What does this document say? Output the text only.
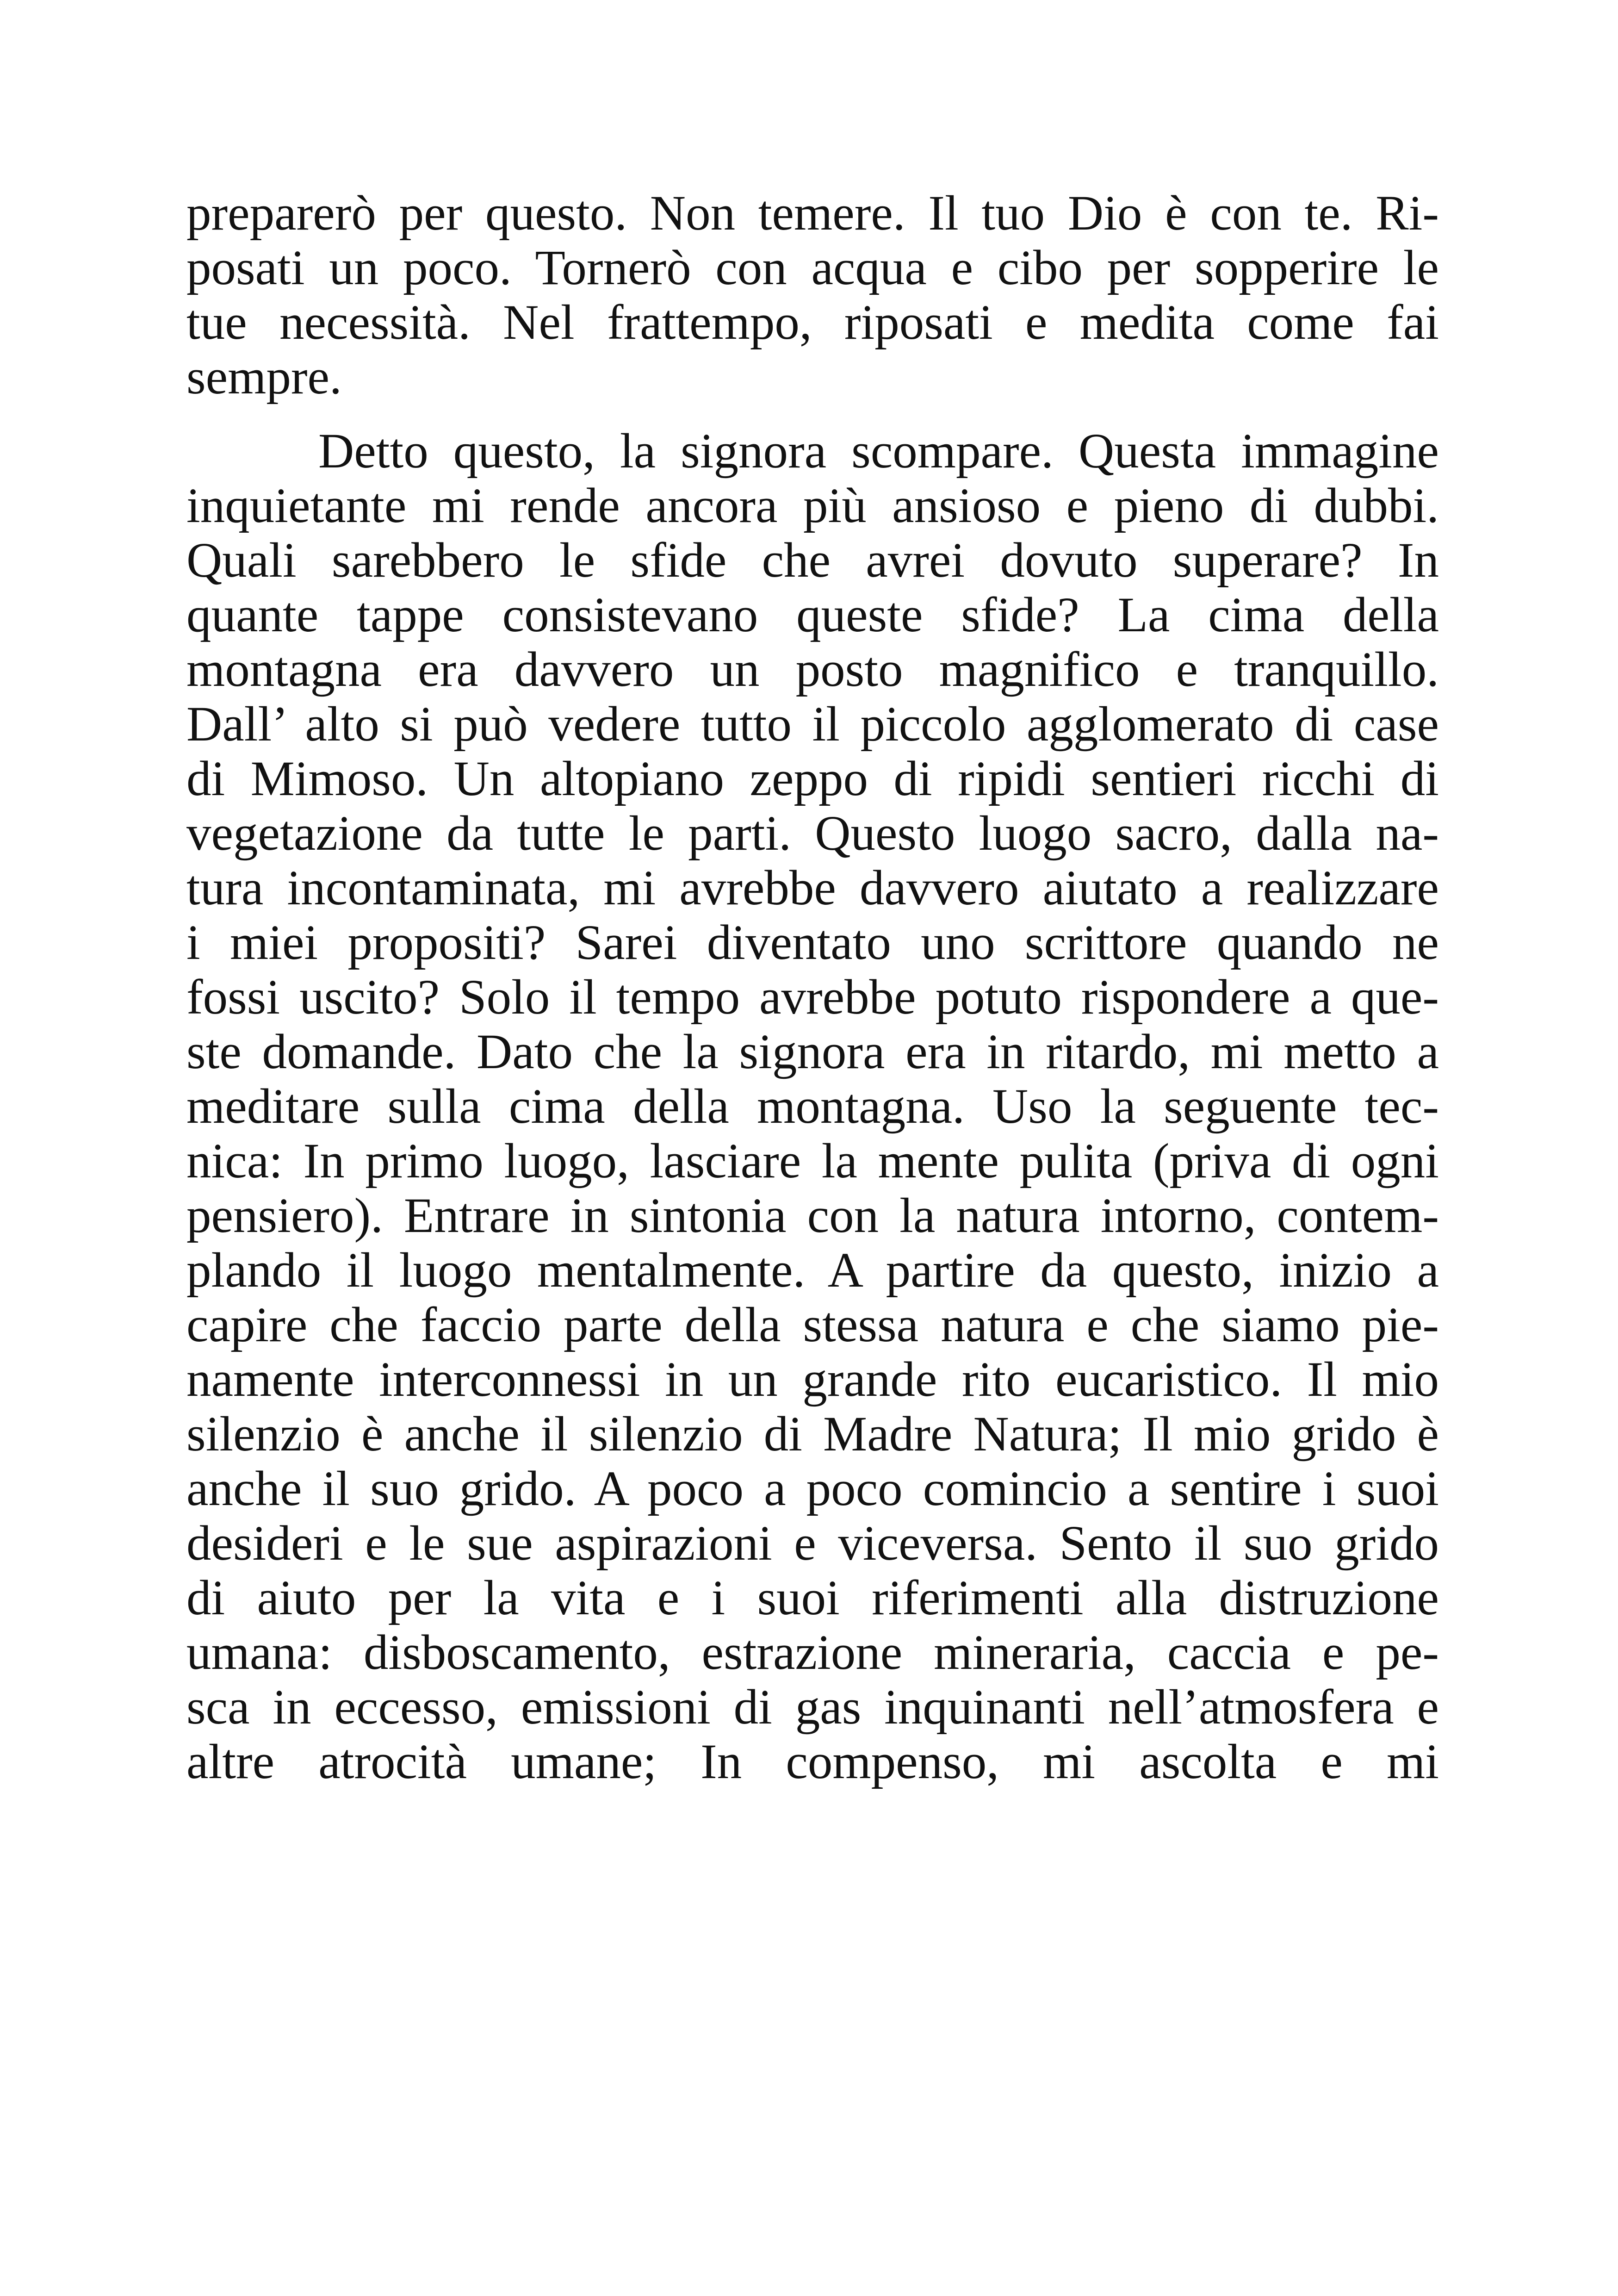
preparerò per questo. Non temere. Il tuo Dio è con te. Ri-
posati un poco. Tornerò con acqua e cibo per sopperire le
tue necessità. Nel frattempo, riposati e medita come fai
sempre.
Detto questo, la signora scompare. Questa immagine
inquietante mi rende ancora più ansioso e pieno di dubbi.
Quali sarebbero le sfide che avrei dovuto superare? In
quante tappe consistevano queste sfide? La cima della
montagna era davvero un posto magnifico e tranquillo.
Dall’ alto si può vedere tutto il piccolo agglomerato di case
di Mimoso. Un altopiano zeppo di ripidi sentieri ricchi di
vegetazione da tutte le parti. Questo luogo sacro, dalla na-
tura incontaminata, mi avrebbe davvero aiutato a realizzare
i miei propositi? Sarei diventato uno scrittore quando ne
fossi uscito? Solo il tempo avrebbe potuto rispondere a que-
ste domande. Dato che la signora era in ritardo, mi metto a
meditare sulla cima della montagna. Uso la seguente tec-
nica: In primo luogo, lasciare la mente pulita (priva di ogni
pensiero). Entrare in sintonia con la natura intorno, contem-
plando il luogo mentalmente. A partire da questo, inizio a
capire che faccio parte della stessa natura e che siamo pie-
namente interconnessi in un grande rito eucaristico. Il mio
silenzio è anche il silenzio di Madre Natura; Il mio grido è
anche il suo grido. A poco a poco comincio a sentire i suoi
desideri e le sue aspirazioni e viceversa. Sento il suo grido
di aiuto per la vita e i suoi riferimenti alla distruzione
umana: disboscamento, estrazione mineraria, caccia e pe-
sca in eccesso, emissioni di gas inquinanti nell’atmosfera e
altre atrocità umane; In compenso, mi ascolta e mi
